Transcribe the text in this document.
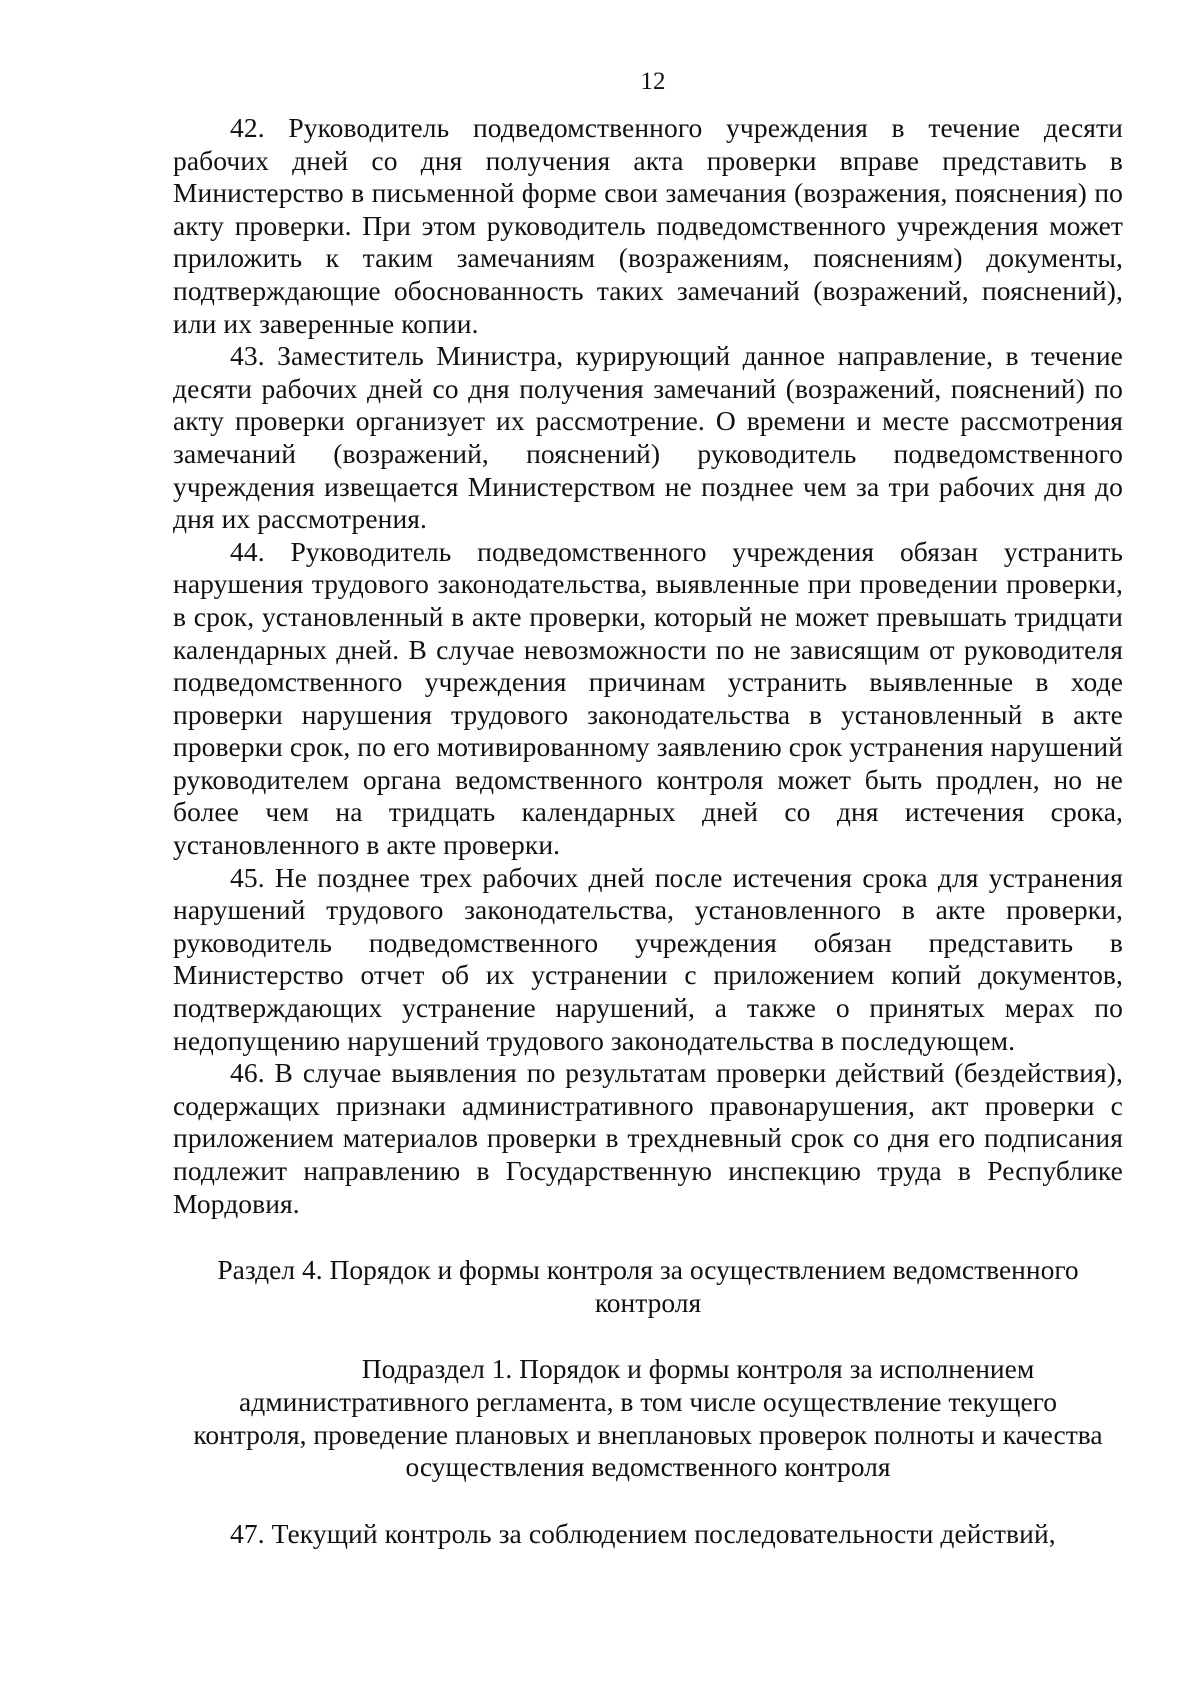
12

42. Руководитель подведомственного учреждения в течение десяти рабочих дней со дня получения акта проверки вправе представить в Министерство в письменной форме свои замечания (возражения, пояснения) по акту проверки. При этом руководитель подведомственного учреждения может приложить к таким замечаниям (возражениям, пояснениям) документы, подтверждающие обоснованность таких замечаний (возражений, пояснений), или их заверенные копии.

43. Заместитель Министра, курирующий данное направление, в течение десяти рабочих дней со дня получения замечаний (возражений, пояснений) по акту проверки организует их рассмотрение. О времени и месте рассмотрения замечаний (возражений, пояснений) руководитель подведомственного учреждения извещается Министерством не позднее чем за три рабочих дня до дня их рассмотрения.

44. Руководитель подведомственного учреждения обязан устранить нарушения трудового законодательства, выявленные при проведении проверки, в срок, установленный в акте проверки, который не может превышать тридцати календарных дней. В случае невозможности по не зависящим от руководителя подведомственного учреждения причинам устранить выявленные в ходе проверки нарушения трудового законодательства в установленный в акте проверки срок, по его мотивированному заявлению срок устранения нарушений руководителем органа ведомственного контроля может быть продлен, но не более чем на тридцать календарных дней со дня истечения срока, установленного в акте проверки.

45. Не позднее трех рабочих дней после истечения срока для устранения нарушений трудового законодательства, установленного в акте проверки, руководитель подведомственного учреждения обязан представить в Министерство отчет об их устранении с приложением копий документов, подтверждающих устранение нарушений, а также о принятых мерах по недопущению нарушений трудового законодательства в последующем.

46. В случае выявления по результатам проверки действий (бездействия), содержащих признаки административного правонарушения, акт проверки с приложением материалов проверки в трехдневный срок со дня его подписания подлежит направлению в Государственную инспекцию труда в Республике Мордовия.

Раздел 4. Порядок и формы контроля за осуществлением ведомственного
контроля
Подраздел 1. Порядок и формы контроля за исполнением
административного регламента, в том числе осуществление текущего
контроля, проведение плановых и внеплановых проверок полноты и качества
осуществления ведомственного контроля

47. Текущий контроль за соблюдением последовательности действий,
